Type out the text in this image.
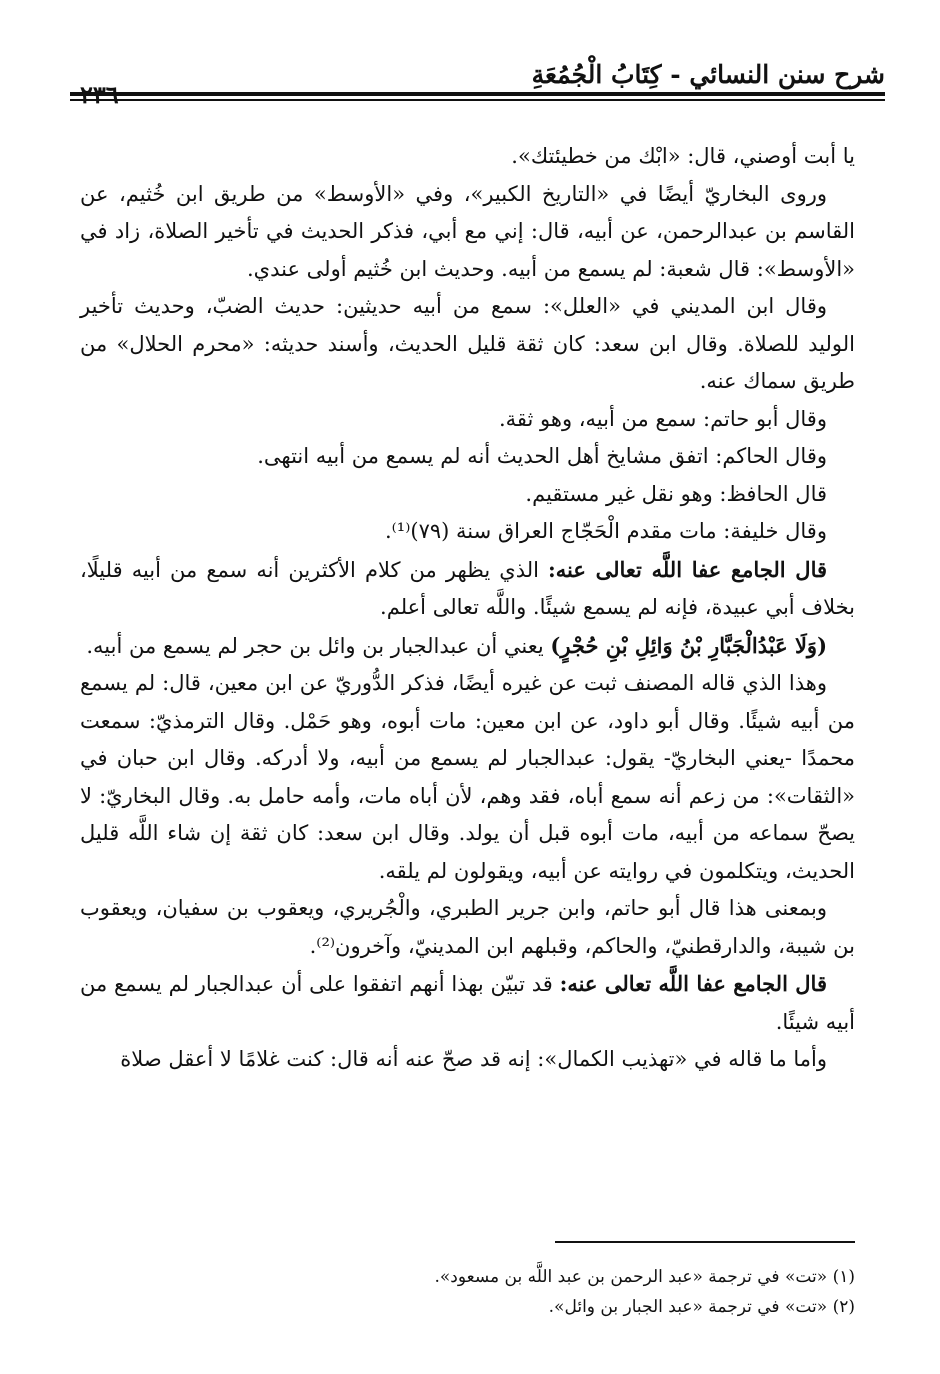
شرح سنن النسائي - كِتَابُ الْجُمُعَةِ

يا أبت أوصني، قال: «ابْك من خطيئتك».

وروى البخاريّ أيضًا في «التاريخ الكبير»، وفي «الأوسط» من طريق ابن خُثيم، عن القاسم بن عبدالرحمن، عن أبيه، قال: إني مع أبي، فذكر الحديث في تأخير الصلاة، زاد في «الأوسط»: قال شعبة: لم يسمع من أبيه. وحديث ابن خُثيم أولى عندي.

وقال ابن المديني في «العلل»: سمع من أبيه حديثين: حديث الضبّ، وحديث تأخير الوليد للصلاة. وقال ابن سعد: كان ثقة قليل الحديث، وأسند حديثه: «محرم الحلال» من طريق سماك عنه.

وقال أبو حاتم: سمع من أبيه، وهو ثقة.

وقال الحاكم: اتفق مشايخ أهل الحديث أنه لم يسمع من أبيه انتهى.

قال الحافظ: وهو نقل غير مستقيم.

وقال خليفة: مات مقدم الْحَجّاج العراق سنة (٧٩)⁽¹⁾.

قال الجامع عفا اللَّه تعالى عنه: الذي يظهر من كلام الأكثرين أنه سمع من أبيه قليلًا، بخلاف أبي عبيدة، فإنه لم يسمع شيئًا. واللَّه تعالى أعلم.

(وَلَا عَبْدُالْجَبَّارِ بْنُ وَائِلِ بْنِ حُجْرٍ) يعني أن عبدالجبار بن وائل بن حجر لم يسمع من أبيه.

وهذا الذي قاله المصنف ثبت عن غيره أيضًا، فذكر الدُّوريّ عن ابن معين، قال: لم يسمع من أبيه شيئًا. وقال أبو داود، عن ابن معين: مات أبوه، وهو حَمْل. وقال الترمذيّ: سمعت محمدًا -يعني البخاريّ- يقول: عبدالجبار لم يسمع من أبيه، ولا أدركه. وقال ابن حبان في «الثقات»: من زعم أنه سمع أباه، فقد وهم، لأن أباه مات، وأمه حامل به. وقال البخاريّ: لا يصحّ سماعه من أبيه، مات أبوه قبل أن يولد. وقال ابن سعد: كان ثقة إن شاء اللَّه قليل الحديث، ويتكلمون في روايته عن أبيه، ويقولون لم يلقه.

وبمعنى هذا قال أبو حاتم، وابن جرير الطبري، والْجُريري، ويعقوب بن سفيان، ويعقوب بن شيبة، والدارقطنيّ، والحاكم، وقبلهم ابن المدينيّ، وآخرون⁽²⁾.

قال الجامع عفا اللَّه تعالى عنه: قد تبيّن بهذا أنهم اتفقوا على أن عبدالجبار لم يسمع من أبيه شيئًا.

وأما ما قاله في «تهذيب الكمال»: إنه قد صحّ عنه أنه قال: كنت غلامًا لا أعقل صلاة

(١) «تت» في ترجمة «عبد الرحمن بن عبد اللَّه بن مسعود».

(٢) «تت» في ترجمة «عبد الجبار بن وائل».
